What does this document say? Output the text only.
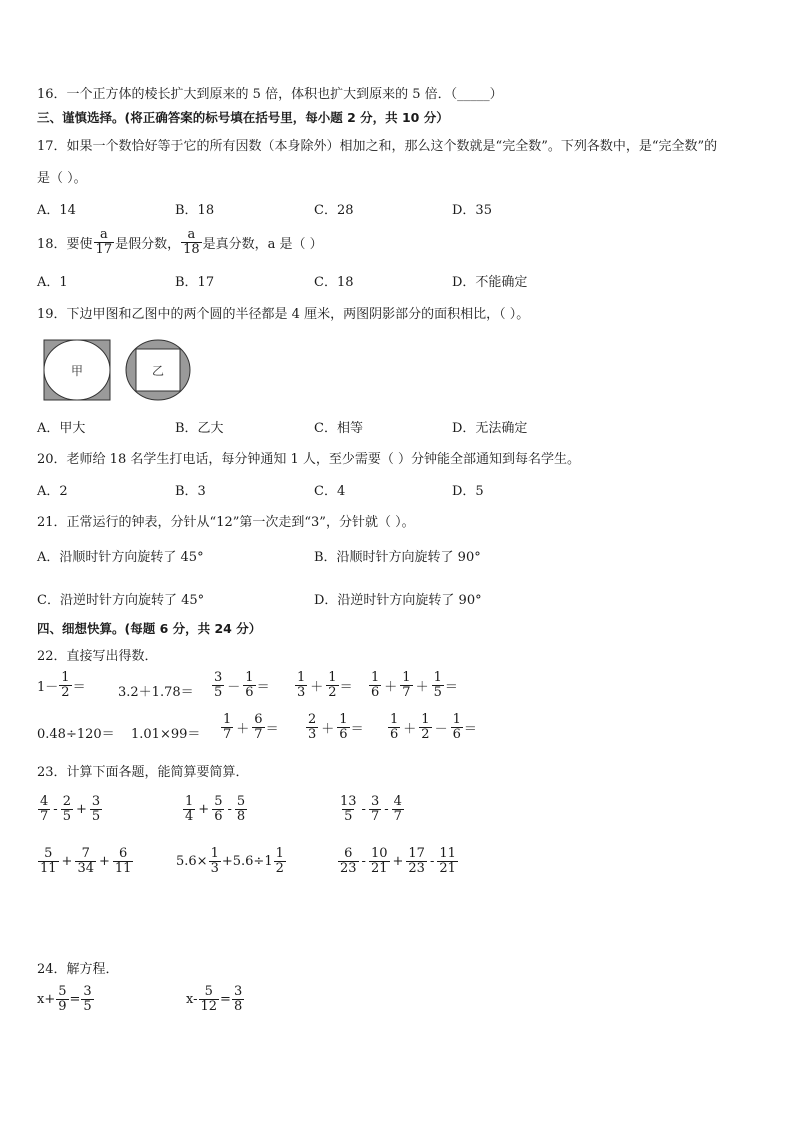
16．一个正方体的棱长扩大到原来的 5 倍，体积也扩大到原来的 5 倍．（_____）
三、谨慎选择。(将正确答案的标号填在括号里，每小题 2 分，共 10 分）
17．如果一个数恰好等于它的所有因数（本身除外）相加之和，那么这个数就是“完全数”。下列各数中，是“完全数”的
是（ ）。
A．14	B．18	C．28	D．35
18．要使 $\frac{a}{17}$ 是假分数， $\frac{a}{18}$ 是真分数，a 是（ ）
A．1	B．17	C．18	D．不能确定
19．下边甲图和乙图中的两个圆的半径都是 4 厘米，两图阴影部分的面积相比，（ ）。
甲	乙
A．甲大	B．乙大	C．相等	D．无法确定
20．老师给 18 名学生打电话，每分钟通知 1 人，至少需要（ ）分钟能全部通知到每名学生。
A．2	B．3	C．4	D．5
21．正常运行的钟表，分针从“12”第一次走到“3”，分针就（ ）。
A．沿顺时针方向旋转了 45°	B．沿顺时针方向旋转了 90°
C．沿逆时针方向旋转了 45°	D．沿逆时针方向旋转了 90°
四、细想快算。(每题 6 分，共 24 分）
22．直接写出得数．
$1- \frac{1}{2} = 3.2+1.78= \frac{3}{5} - \frac{1}{6} = \frac{1}{3} + \frac{1}{2} = \frac{1}{6} + \frac{1}{7} + \frac{1}{5}$ ＝
$0.48\div 120= 1.01\times 99= \frac{1}{7} + \frac{6}{7} = \frac{2}{3} + \frac{1}{6} = \frac{1}{6} + \frac{1}{2} - \frac{1}{6}$ ＝
23．计算下面各题，能简算要简算．
$\frac{4}{7} - \frac{2}{5} + \frac{3}{5}$	$\frac{1}{4} + \frac{5}{6} - \frac{5}{8}$	$\frac{13}{5} - \frac{3}{7} - \frac{4}{7}$
$\frac{5}{11} + \frac{7}{34} + \frac{6}{11}$	$5.6\times \frac{1}{3} +5.6\div 1 \frac{1}{2}$	$\frac{6}{23} - \frac{10}{21} + \frac{17}{23} - \frac{11}{21}$
24．解方程．
$x+ \frac{5}{9} = \frac{3}{5}$	$x- \frac{5}{12} = \frac{3}{8}$
